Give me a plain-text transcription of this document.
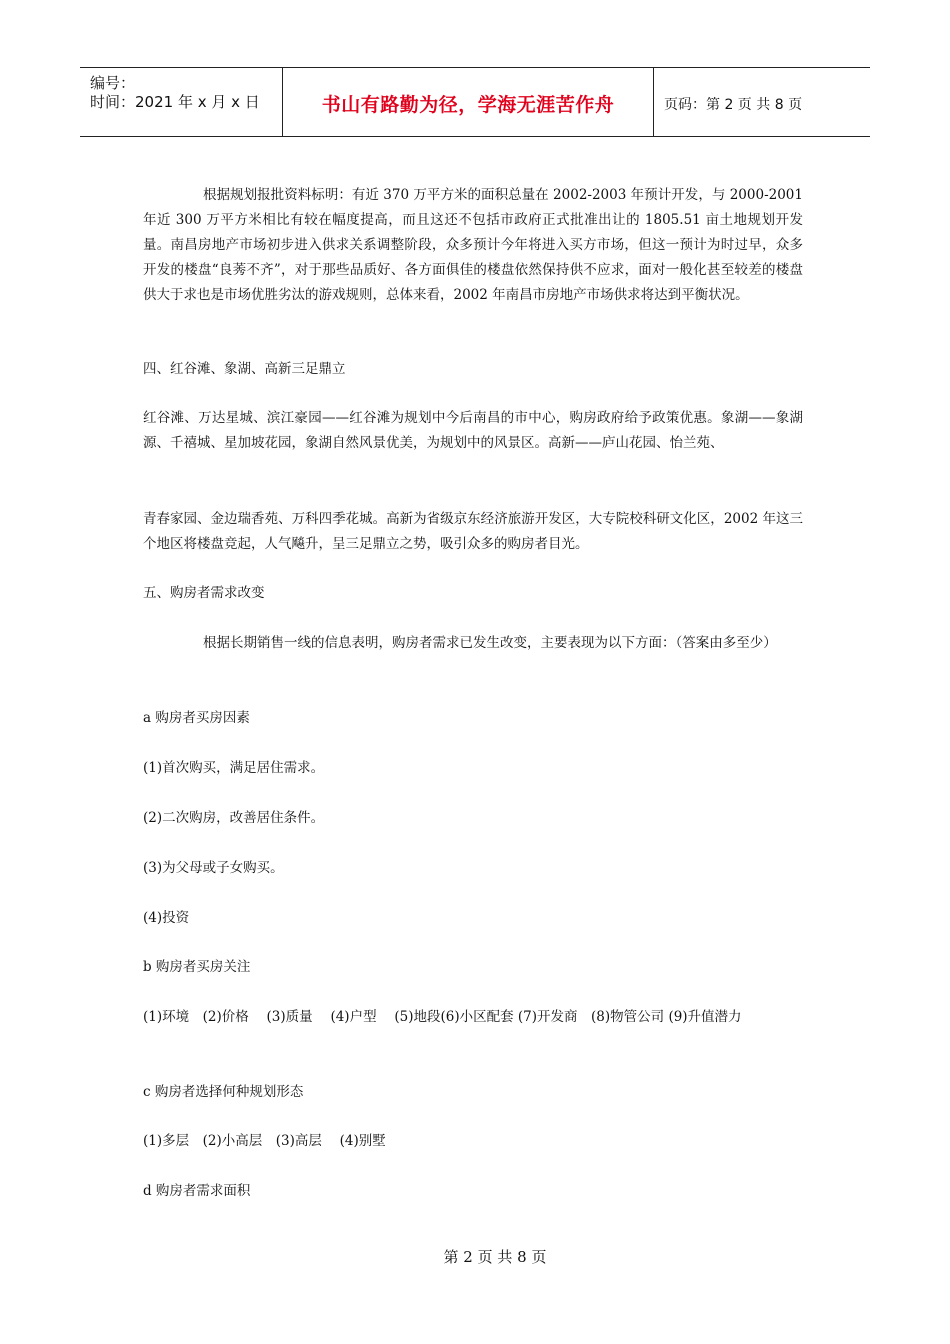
编号：
时间：2021 年 x 月 x 日	书山有路勤为径，学海无涯苦作舟	页码：第 2 页 共 8 页

根据规划报批资料标明：有近 370 万平方米的面积总量在 2002-2003 年预计开发，与 2000-2001 年近 300 万平方米相比有较在幅度提高，而且这还不包括市政府正式批准出让的 1805.51 亩土地规划开发量。南昌房地产市场初步进入供求关系调整阶段，众多预计今年将进入买方市场，但这一预计为时过早，众多开发的楼盘“良莠不齐”，对于那些品质好、各方面俱佳的楼盘依然保持供不应求，面对一般化甚至较差的楼盘供大于求也是市场优胜劣汰的游戏规则，总体来看，2002 年南昌市房地产市场供求将达到平衡状况。

四、红谷滩、象湖、高新三足鼎立

红谷滩、万达星城、滨江豪园——红谷滩为规划中今后南昌的市中心，购房政府给予政策优惠。象湖——象湖源、千禧城、星加坡花园，象湖自然风景优美，为规划中的风景区。高新——庐山花园、怡兰苑、

青春家园、金边瑞香苑、万科四季花城。高新为省级京东经济旅游开发区，大专院校科研文化区，2002 年这三个地区将楼盘竞起，人气飚升，呈三足鼎立之势，吸引众多的购房者目光。

五、购房者需求改变

根据长期销售一线的信息表明，购房者需求已发生改变，主要表现为以下方面：（答案由多至少）

a 购房者买房因素

(1)首次购买，满足居住需求。

(2)二次购房，改善居住条件。

(3)为父母或子女购买。

(4)投资

b 购房者买房关注

(1)环境　(2)价格　 (3)质量　 (4)户型　 (5)地段(6)小区配套 (7)开发商　(8)物管公司 (9)升值潜力

c 购房者选择何种规划形态

(1)多层　(2)小高层　(3)高层　 (4)别墅

d 购房者需求面积

第 2 页 共 8 页
